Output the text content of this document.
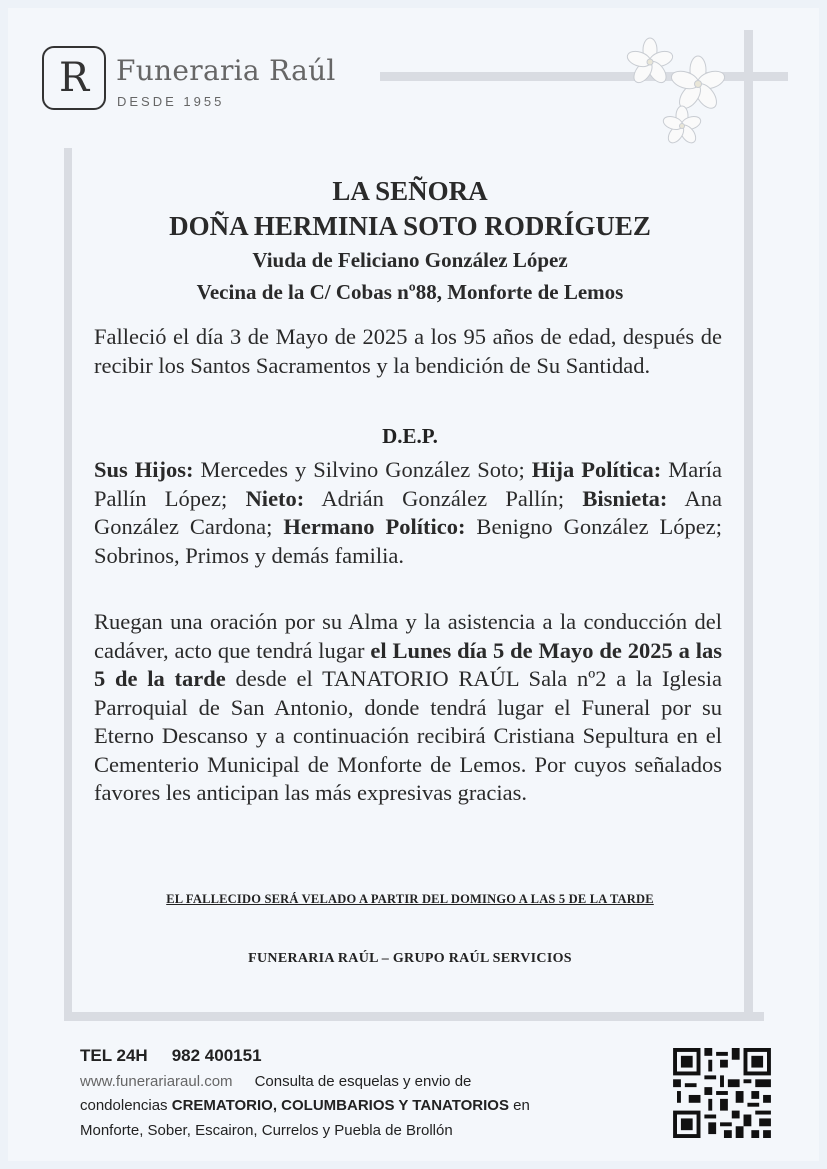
R Funeraria Raúl
DESDE 1955
LA SEÑORA
DOÑA HERMINIA SOTO RODRÍGUEZ
Viuda de Feliciano González López
Vecina de la C/ Cobas nº88, Monforte de Lemos
Falleció el día 3 de Mayo de 2025 a los 95 años de edad, después de recibir los Santos Sacramentos y la bendición de Su Santidad.
D.E.P.
Sus Hijos: Mercedes y Silvino González Soto; Hija Política: María Pallín López; Nieto: Adrián González Pallín; Bisnieta: Ana González Cardona; Hermano Político: Benigno González López; Sobrinos, Primos y demás familia.
Ruegan una oración por su Alma y la asistencia a la conducción del cadáver, acto que tendrá lugar el Lunes día 5 de Mayo de 2025 a las 5 de la tarde desde el TANATORIO RAÚL Sala nº2 a la Iglesia Parroquial de San Antonio, donde tendrá lugar el Funeral por su Eterno Descanso y a continuación recibirá Cristiana Sepultura en el Cementerio Municipal de Monforte de Lemos. Por cuyos señalados favores les anticipan las más expresivas gracias.
EL FALLECIDO SERÁ VELADO A PARTIR DEL DOMINGO A LAS 5 DE LA TARDE
FUNERARIA RAÚL – GRUPO RAÚL SERVICIOS
TEL 24H 982 400151
www.funerariaraul.com Consulta de esquelas y envio de
condolencias CREMATORIO, COLUMBARIOS Y TANATORIOS en
Monforte, Sober, Escairon, Currelos y Puebla de Brollón
